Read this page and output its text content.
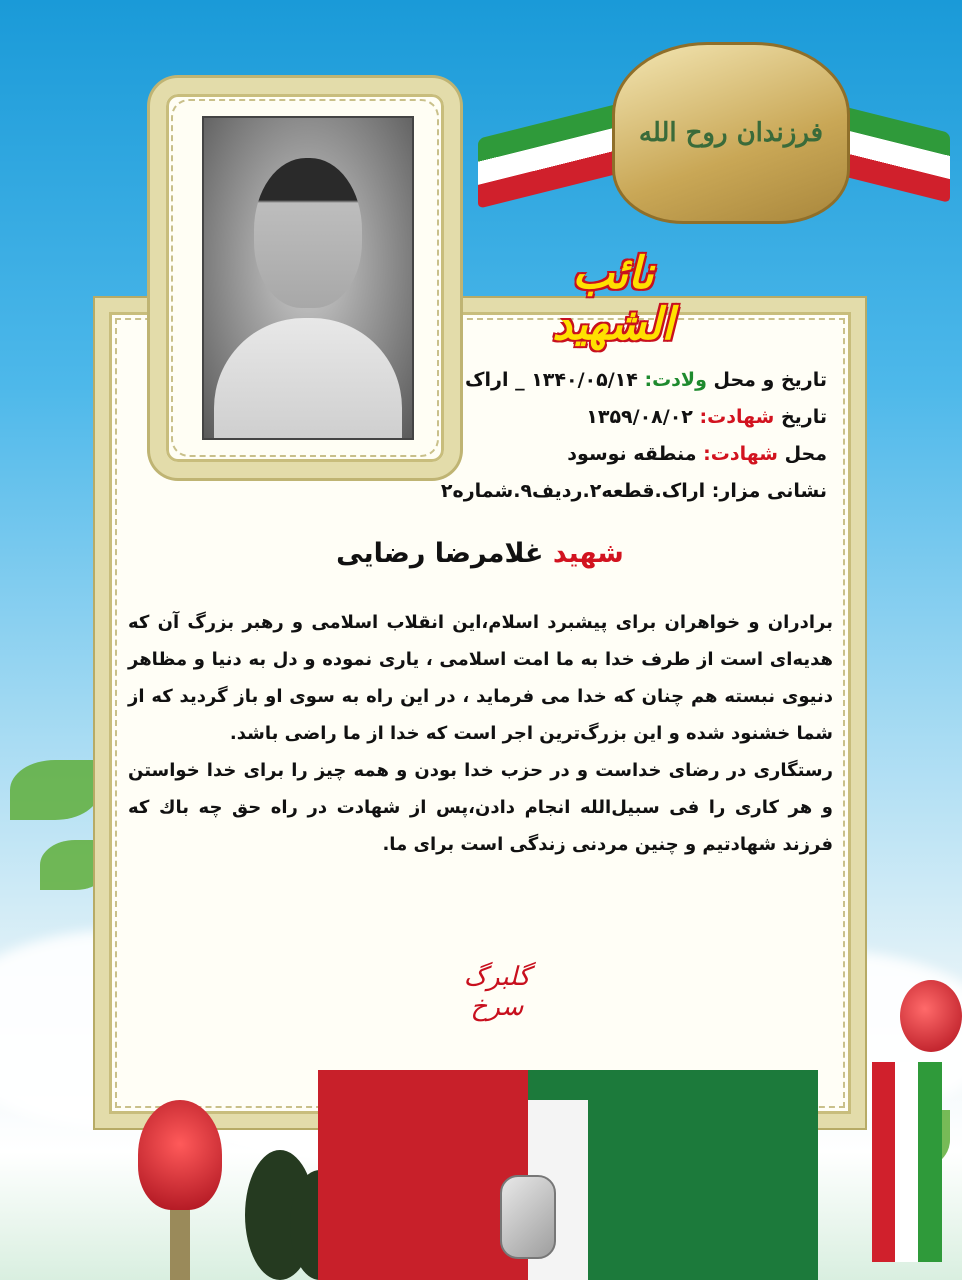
فرزندان روح الله
نائب الشهید
تاریخ و محل ولادت: ۱۳۴۰/۰۵/۱۴ _ اراک
تاریخ شهادت: ۱۳۵۹/۰۸/۰۲
محل شهادت: منطقه نوسود
نشانی مزار: اراک.قطعه۲.ردیف۹.شماره۲
شهید غلامرضا رضایی

برادران و خواهران برای پیشبرد اسلام،این انقلاب اسلامی و رهبر بزرگ آن که هدیه‌ای است از طرف خدا به ما امت اسلامی ، یاری نموده و دل به دنیا و مظاهر دنیوی نبسته هم چنان که خدا می فرماید ، در این راه به سوی او باز گردید که از شما خشنود شده و این بزرگ‌ترین اجر است که خدا از ما راضی باشد.

رستگاری در رضای خداست و در حزب خدا بودن و همه چیز را برای خدا خواستن و هر کاری را فی سبیل‌الله انجام دادن،پس از شهادت در راه حق چه باك كه فرزند شهادتیم و چنین مردنی زندگی است برای ما.

گلبرگ سرخ
